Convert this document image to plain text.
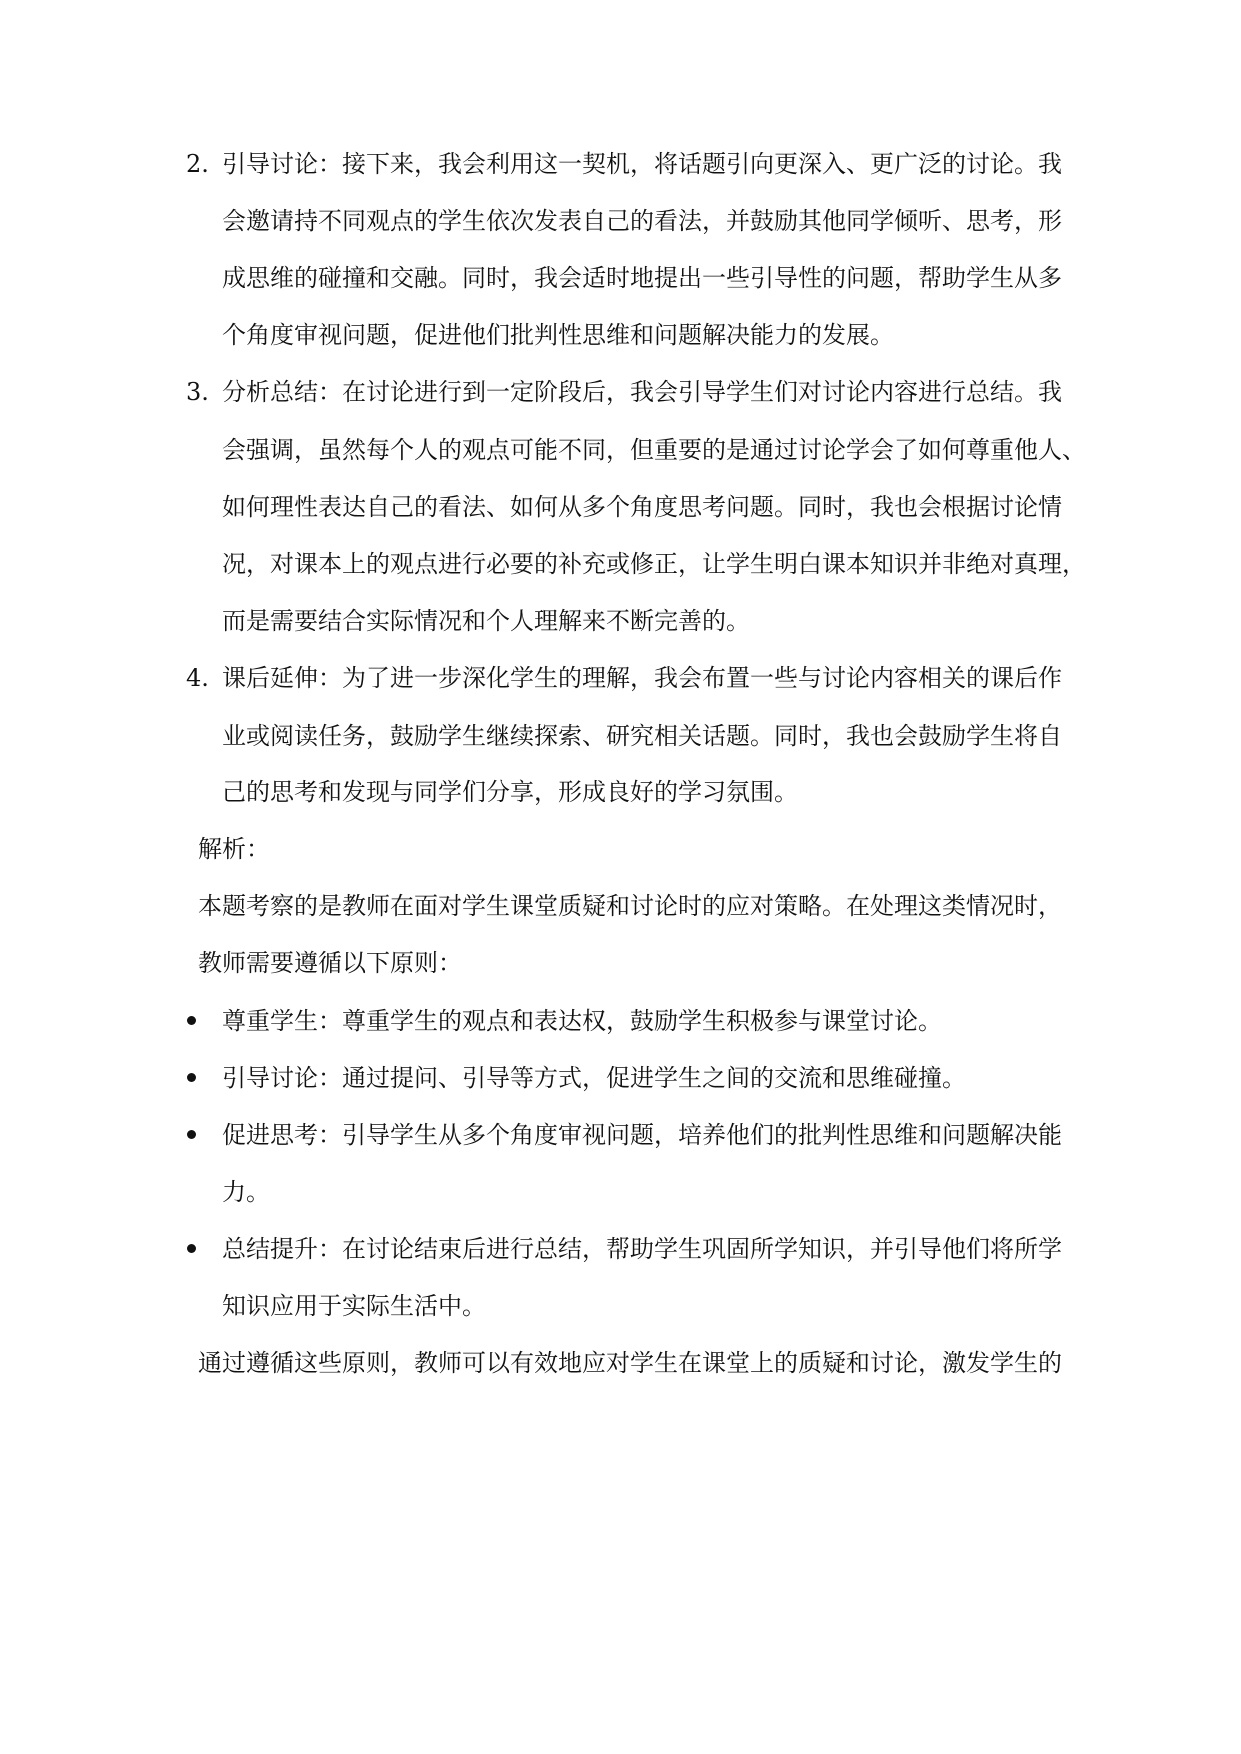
2. 引导讨论：接下来，我会利用这一契机，将话题引向更深入、更广泛的讨论。我
会邀请持不同观点的学生依次发表自己的看法，并鼓励其他同学倾听、思考，形
成思维的碰撞和交融。同时，我会适时地提出一些引导性的问题，帮助学生从多
个角度审视问题，促进他们批判性思维和问题解决能力的发展。
3. 分析总结：在讨论进行到一定阶段后，我会引导学生们对讨论内容进行总结。我
会强调，虽然每个人的观点可能不同，但重要的是通过讨论学会了如何尊重他人、
如何理性表达自己的看法、如何从多个角度思考问题。同时，我也会根据讨论情
况，对课本上的观点进行必要的补充或修正，让学生明白课本知识并非绝对真理，
而是需要结合实际情况和个人理解来不断完善的。
4. 课后延伸：为了进一步深化学生的理解，我会布置一些与讨论内容相关的课后作
业或阅读任务，鼓励学生继续探索、研究相关话题。同时，我也会鼓励学生将自
己的思考和发现与同学们分享，形成良好的学习氛围。
解析：
本题考察的是教师在面对学生课堂质疑和讨论时的应对策略。在处理这类情况时，
教师需要遵循以下原则：
尊重学生：尊重学生的观点和表达权，鼓励学生积极参与课堂讨论。
引导讨论：通过提问、引导等方式，促进学生之间的交流和思维碰撞。
促进思考：引导学生从多个角度审视问题，培养他们的批判性思维和问题解决能
力。
总结提升：在讨论结束后进行总结，帮助学生巩固所学知识，并引导他们将所学
知识应用于实际生活中。
通过遵循这些原则，教师可以有效地应对学生在课堂上的质疑和讨论，激发学生的
